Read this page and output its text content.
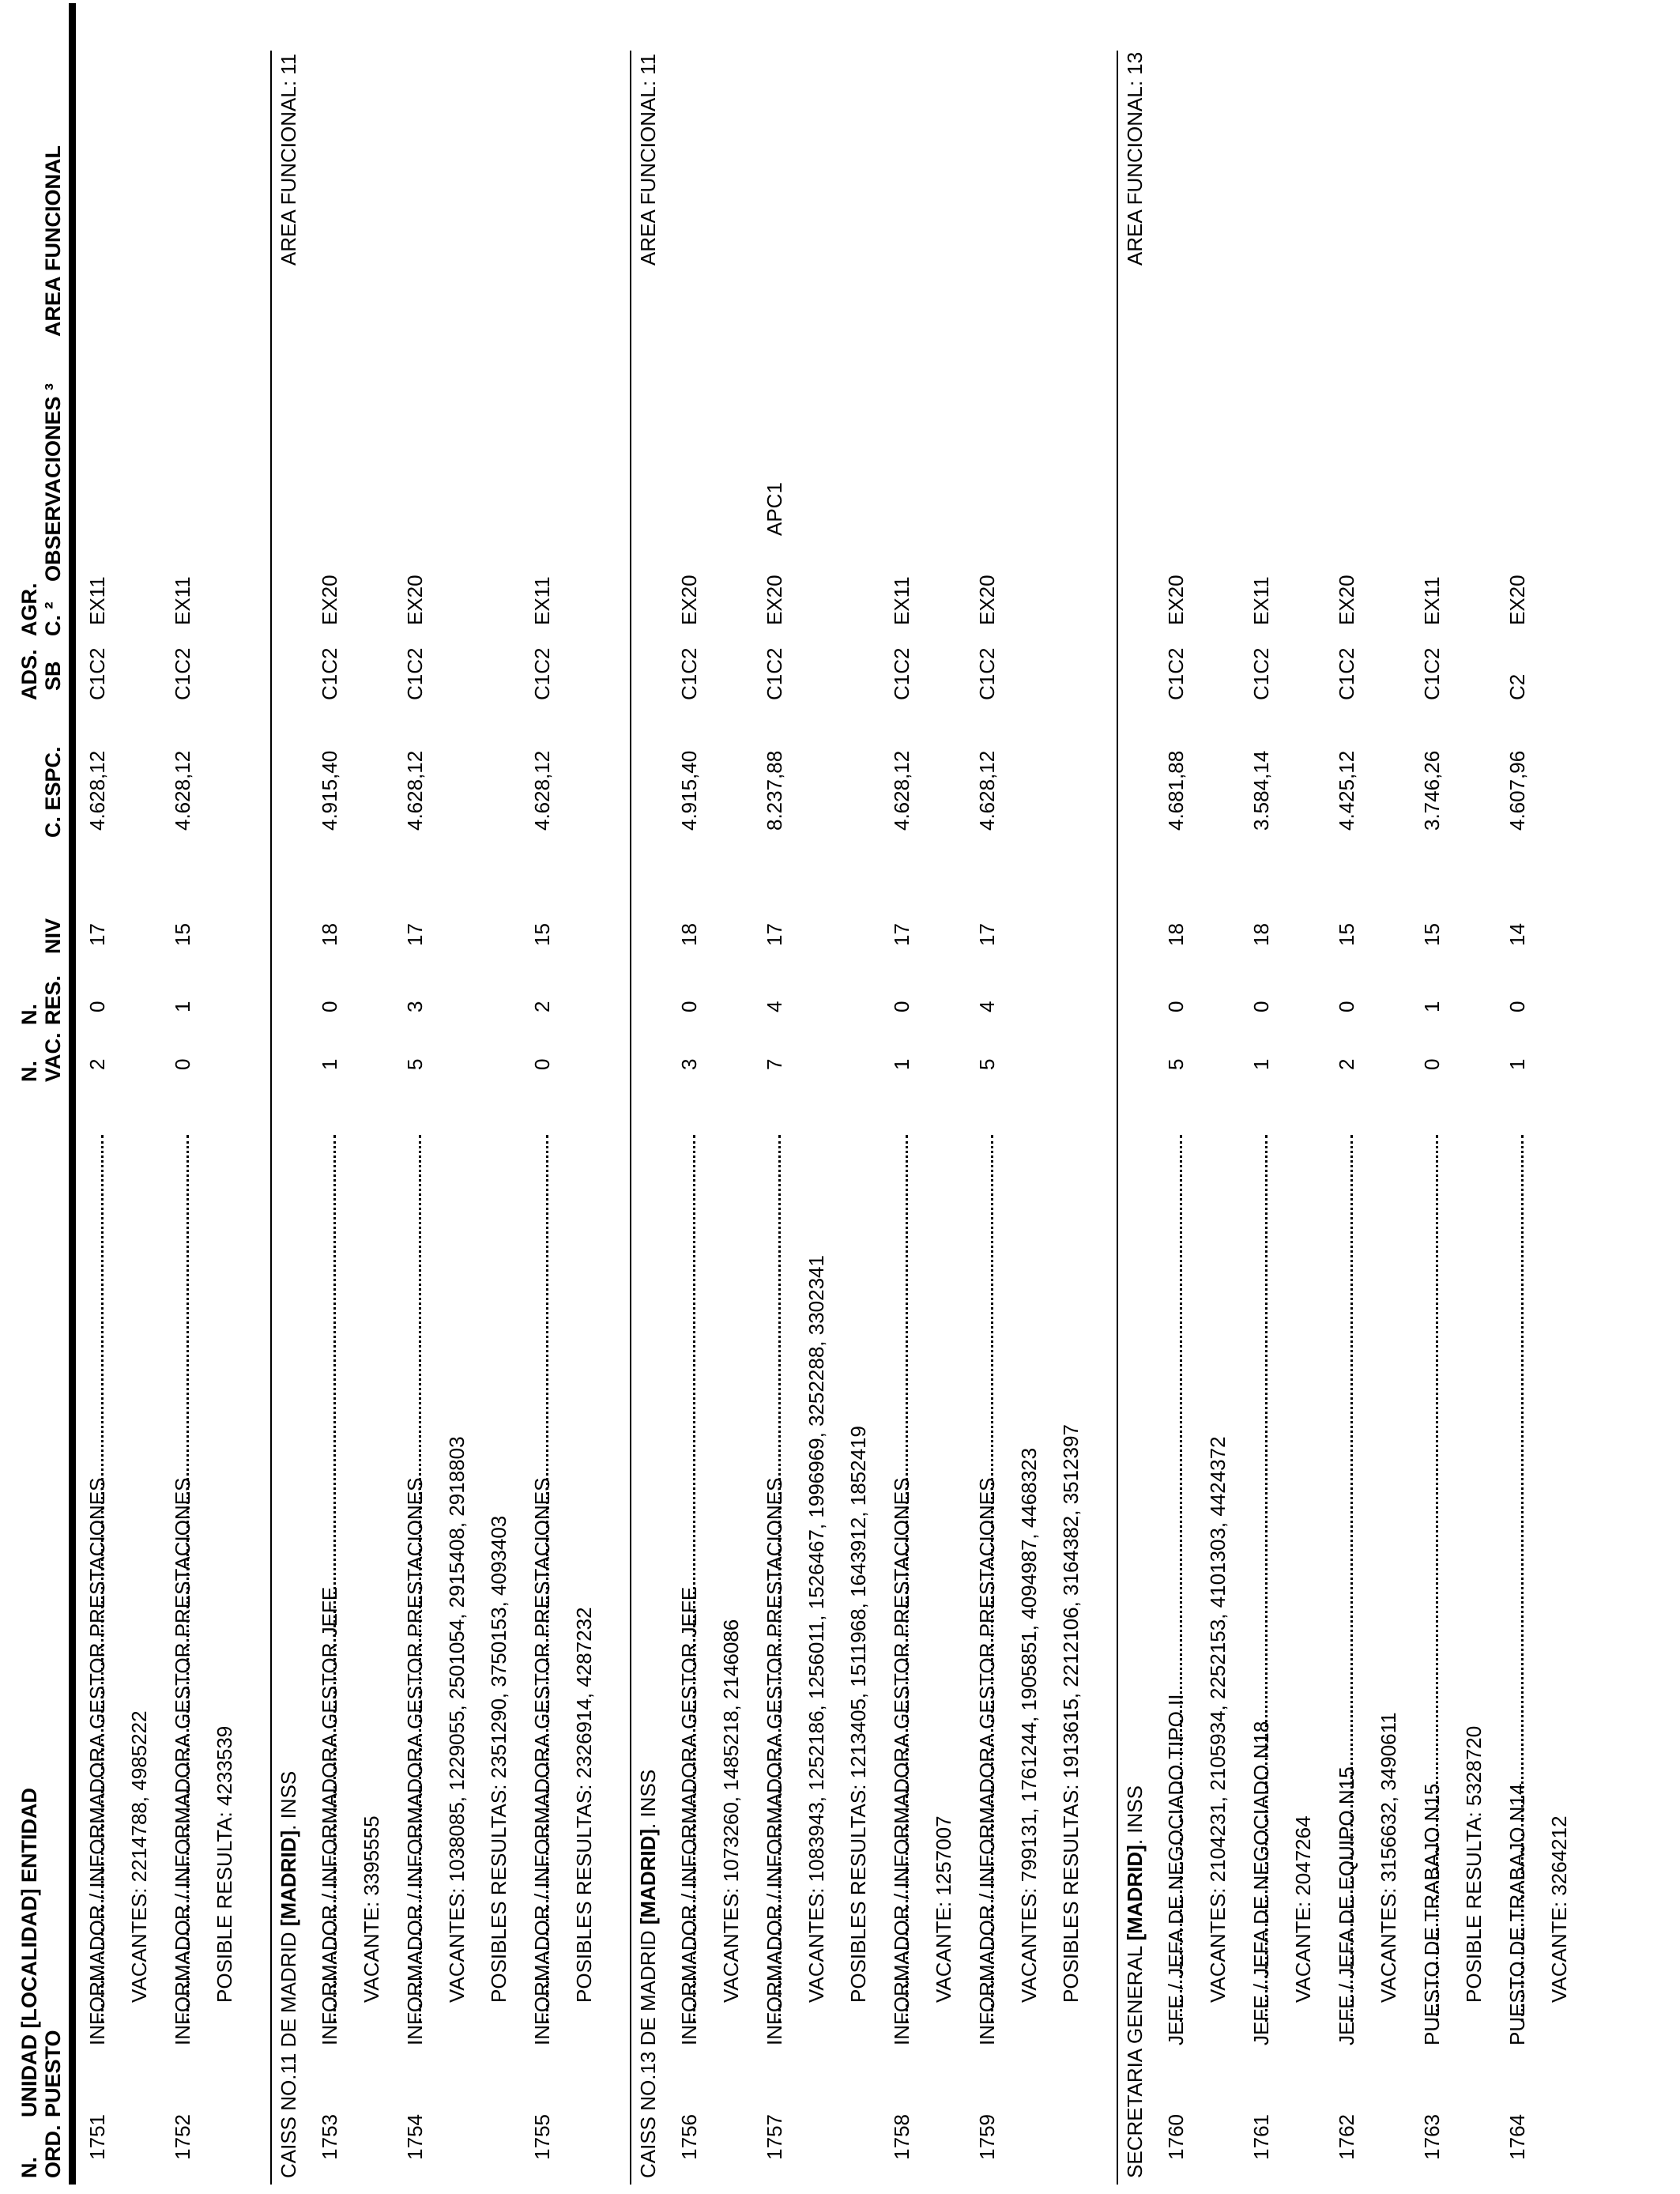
N. ORD.
UNIDAD [LOCALIDAD] ENTIDAD PUESTO
N. VAC.
N. RES.
NIV
C. ESPC.
ADS. SB
AGR. C. ²
OBSERVACIONES ³
AREA FUNCIONAL
1751
INFORMADOR / INFORMADORA GESTOR PRESTACIONES
2
0
17
4.628,12
C1C2
EX11
VACANTES: 2214788, 4985222
1752
INFORMADOR / INFORMADORA GESTOR PRESTACIONES
0
1
15
4.628,12
C1C2
EX11
POSIBLE RESULTA: 4233539
CAISS NO.11 DE MADRID [MADRID]. INSS
AREA FUNCIONAL: 11
1753
INFORMADOR / INFORMADORA GESTOR JEFE
1
0
18
4.915,40
C1C2
EX20
VACANTE: 3395555
1754
INFORMADOR / INFORMADORA GESTOR PRESTACIONES
5
3
17
4.628,12
C1C2
EX20
VACANTES: 1038085, 1229055, 2501054, 2915408, 2918803 POSIBLES RESULTAS: 2351290, 3750153, 4093403
1755
INFORMADOR / INFORMADORA GESTOR PRESTACIONES
0
2
15
4.628,12
C1C2
EX11
POSIBLES RESULTAS: 2326914, 4287232
CAISS NO.13 DE MADRID [MADRID]. INSS
AREA FUNCIONAL: 11
1756
INFORMADOR / INFORMADORA GESTOR JEFE
3
0
18
4.915,40
C1C2
EX20
VACANTES: 1073260, 1485218, 2146086
1757
INFORMADOR / INFORMADORA GESTOR PRESTACIONES
7
4
17
8.237,88
C1C2
EX20
APC1
VACANTES: 1083943, 1252186, 1256011, 1526467, 1996969, 3252288, 3302341 POSIBLES RESULTAS: 1213405, 1511968, 1643912, 1852419
1758
INFORMADOR / INFORMADORA GESTOR PRESTACIONES
1
0
17
4.628,12
C1C2
EX11
VACANTE: 1257007
1759
INFORMADOR / INFORMADORA GESTOR PRESTACIONES
5
4
17
4.628,12
C1C2
EX20
VACANTES: 799131, 1761244, 1905851, 4094987, 4468323 POSIBLES RESULTAS: 1913615, 2212106, 3164382, 3512397
SECRETARIA GENERAL [MADRID]. INSS
AREA FUNCIONAL: 13
1760
JEFE / JEFA DE NEGOCIADO TIPO II
5
0
18
4.681,88
C1C2
EX20
VACANTES: 2104231, 2105934, 2252153, 4101303, 4424372
1761
JEFE / JEFA DE NEGOCIADO N18
1
0
18
3.584,14
C1C2
EX11
VACANTE: 2047264
1762
JEFE / JEFA DE EQUIPO N15
2
0
15
4.425,12
C1C2
EX20
VACANTES: 3156632, 3490611
1763
PUESTO DE TRABAJO N15
0
1
15
3.746,26
C1C2
EX11
POSIBLE RESULTA: 5328720
1764
PUESTO DE TRABAJO N14
1
0
14
4.607,96
C2
EX20
VACANTE: 3264212
